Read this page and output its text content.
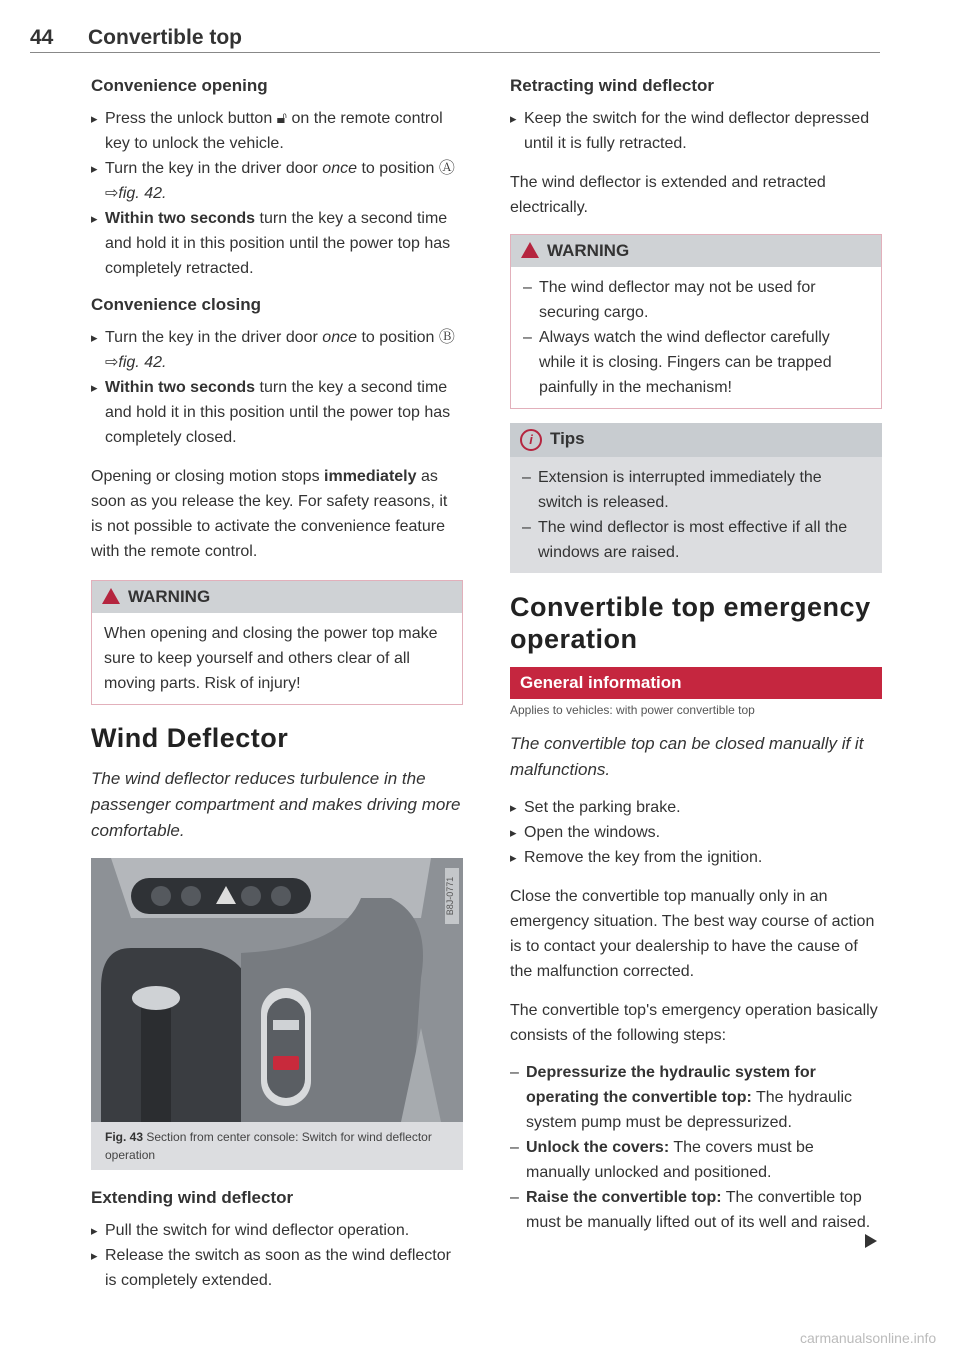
44 Convertible top
Convenience opening
▸ Press the unlock button 🔓︎ on the remote control key to unlock the vehicle.
▸ Turn the key in the driver door once to position Ⓐ ⇨fig. 42.
▸ Within two seconds turn the key a second time and hold it in this position until the power top has completely retracted.
Convenience closing
▸ Turn the key in the driver door once to position Ⓑ ⇨fig. 42.
▸ Within two seconds turn the key a second time and hold it in this position until the power top has completely closed.

Opening or closing motion stops immediately as soon as you release the key. For safety reasons, it is not possible to activate the convenience feature with the remote control.

WARNING

When opening and closing the power top make sure to keep yourself and others clear of all moving parts. Risk of injury!

Wind Deflector

The wind deflector reduces turbulence in the passenger compartment and makes driving more comfortable.

B8J-0771
Fig. 43 Section from center console: Switch for wind deflector operation
Extending wind deflector
▸ Pull the switch for wind deflector operation.
▸ Release the switch as soon as the wind deflector is completely extended.
Retracting wind deflector
▸ Keep the switch for the wind deflector depressed until it is fully retracted.

The wind deflector is extended and retracted electrically.

WARNING
– The wind deflector may not be used for securing cargo.
– Always watch the wind deflector carefully while it is closing. Fingers can be trapped painfully in the mechanism!
i Tips
– Extension is interrupted immediately the switch is released.
– The wind deflector is most effective if all the windows are raised.
Convertible top emergency operation
General information
Applies to vehicles: with power convertible top

The convertible top can be closed manually if it malfunctions.

▸ Set the parking brake.
▸ Open the windows.
▸ Remove the key from the ignition.

Close the convertible top manually only in an emergency situation. The best way course of action is to contact your dealership to have the cause of the malfunction corrected.

The convertible top's emergency operation basically consists of the following steps:

– Depressurize the hydraulic system for operating the convertible top: The hydraulic system pump must be depressurized.
– Unlock the covers: The covers must be manually unlocked and positioned.
– Raise the convertible top: The convertible top must be manually lifted out of its well and raised.
carmanualsonline.info
